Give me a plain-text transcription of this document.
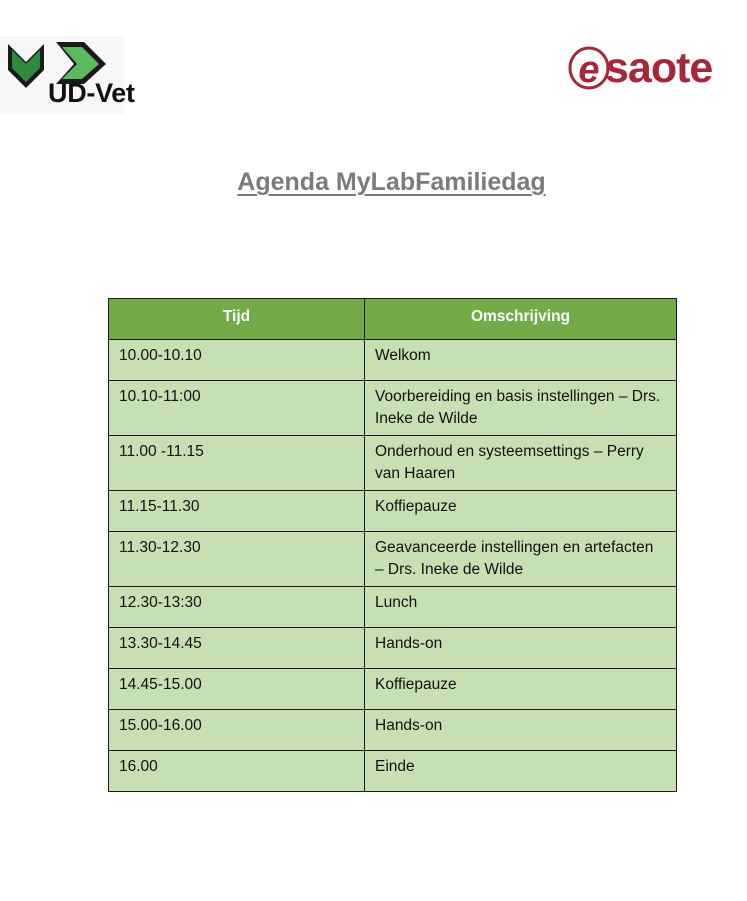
UD-Vet
e saote
Agenda MyLabFamiliedag
Tijd	Omschrijving
10.00-10.10	Welkom
10.10-11:00	Voorbereiding en basis instellingen – Drs. Ineke de Wilde
11.00 -11.15	Onderhoud en systeemsettings – Perry van Haaren
11.15-11.30	Koffiepauze
11.30-12.30	Geavanceerde instellingen en artefacten – Drs. Ineke de Wilde
12.30-13:30	Lunch
13.30-14.45	Hands-on
14.45-15.00	Koffiepauze
15.00-16.00	Hands-on
16.00	Einde
